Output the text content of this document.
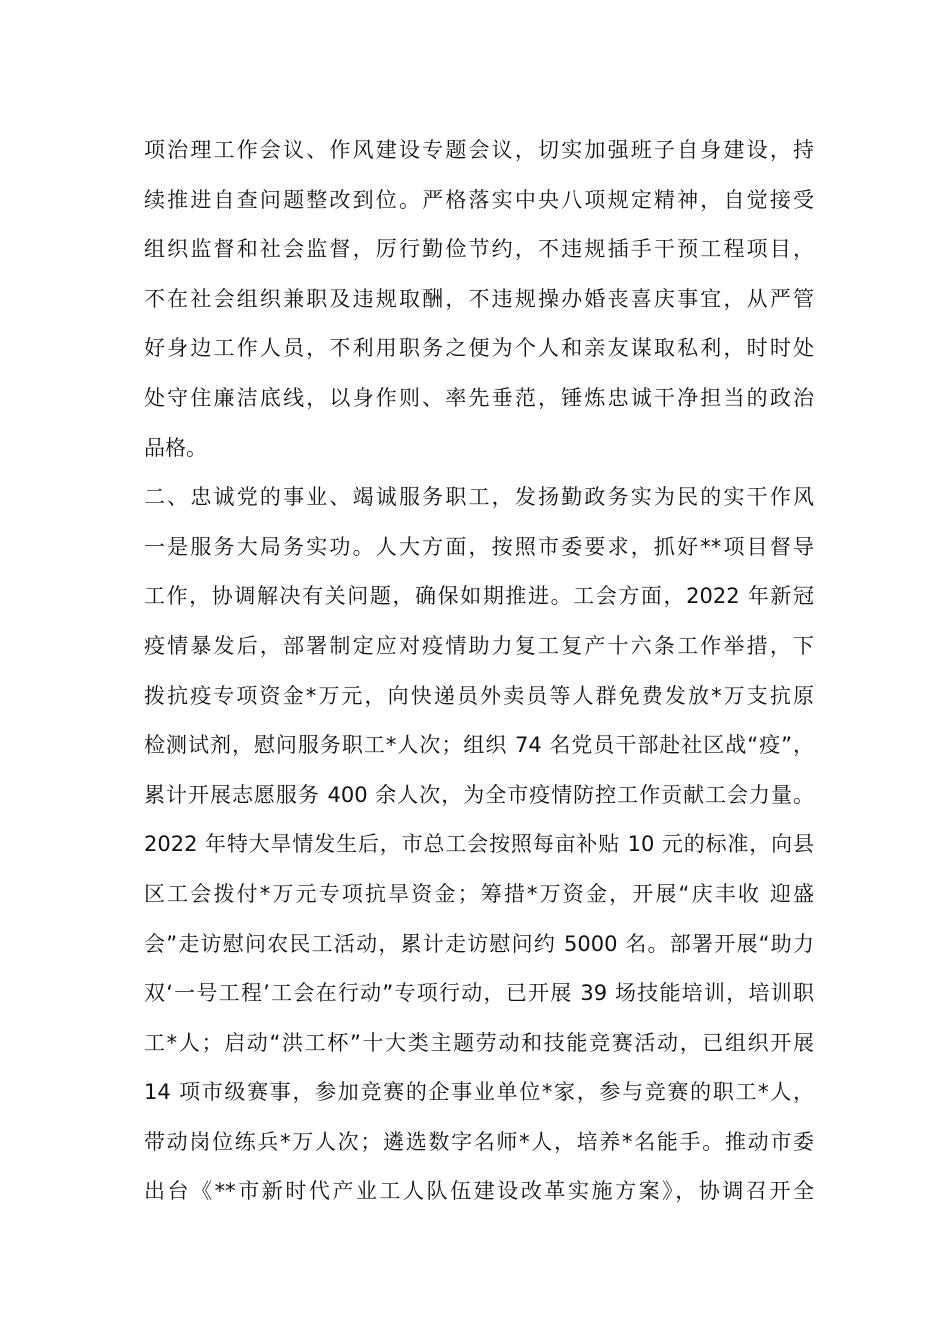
项治理工作会议、作风建设专题会议，切实加强班子自身建设，持
续推进自查问题整改到位。严格落实中央八项规定精神，自觉接受
组织监督和社会监督，厉行勤俭节约，不违规插手干预工程项目，
不在社会组织兼职及违规取酬，不违规操办婚丧喜庆事宜，从严管
好身边工作人员，不利用职务之便为个人和亲友谋取私利，时时处
处守住廉洁底线，以身作则、率先垂范，锤炼忠诚干净担当的政治
品格。
二、忠诚党的事业、竭诚服务职工，发扬勤政务实为民的实干作风
一是服务大局务实功。人大方面，按照市委要求，抓好**项目督导
工作，协调解决有关问题，确保如期推进。工会方面，2022 年新冠
疫情暴发后，部署制定应对疫情助力复工复产十六条工作举措，下
拨抗疫专项资金*万元，向快递员外卖员等人群免费发放*万支抗原
检测试剂，慰问服务职工*人次；组织 74 名党员干部赴社区战“疫”，
累计开展志愿服务 400 余人次，为全市疫情防控工作贡献工会力量。
2022 年特大旱情发生后，市总工会按照每亩补贴 10 元的标准，向县
区工会拨付*万元专项抗旱资金；筹措*万资金，开展“庆丰收 迎盛
会”走访慰问农民工活动，累计走访慰问约 5000 名。部署开展“助力
双‘一号工程’工会在行动”专项行动，已开展 39 场技能培训，培训职
工*人；启动“洪工杯”十大类主题劳动和技能竞赛活动，已组织开展
14 项市级赛事，参加竞赛的企事业单位*家，参与竞赛的职工*人，
带动岗位练兵*万人次；遴选数字名师*人，培养*名能手。推动市委
出台《**市新时代产业工人队伍建设改革实施方案》，协调召开全
